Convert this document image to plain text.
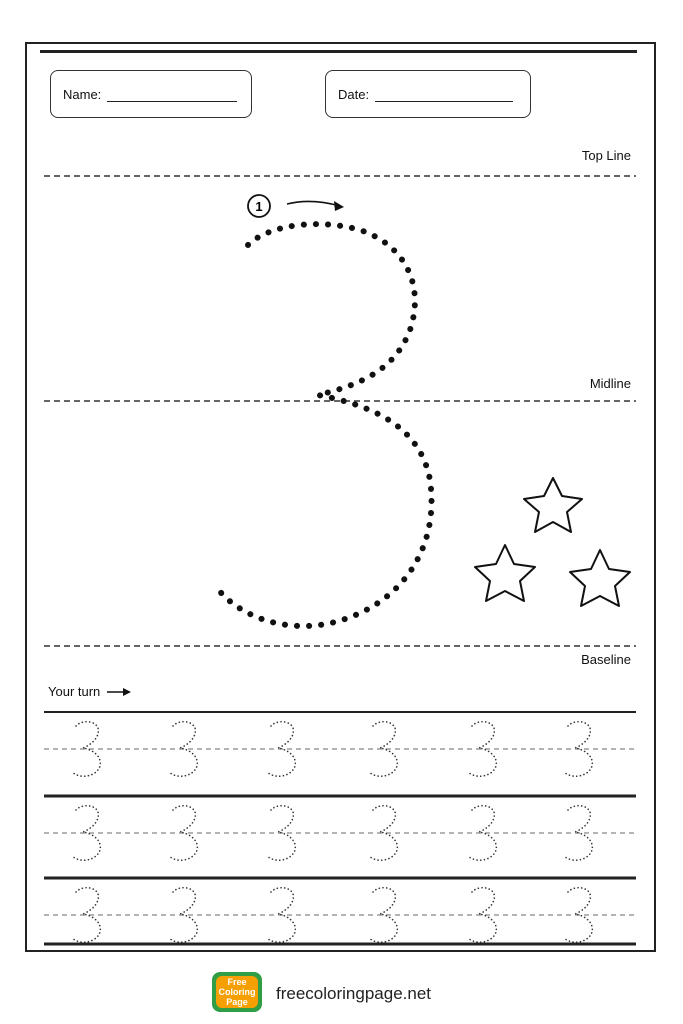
Name:	Date:
Top Line
Midline
Baseline
1
Your turn
Free
Coloring
Page freecoloringpage.net
